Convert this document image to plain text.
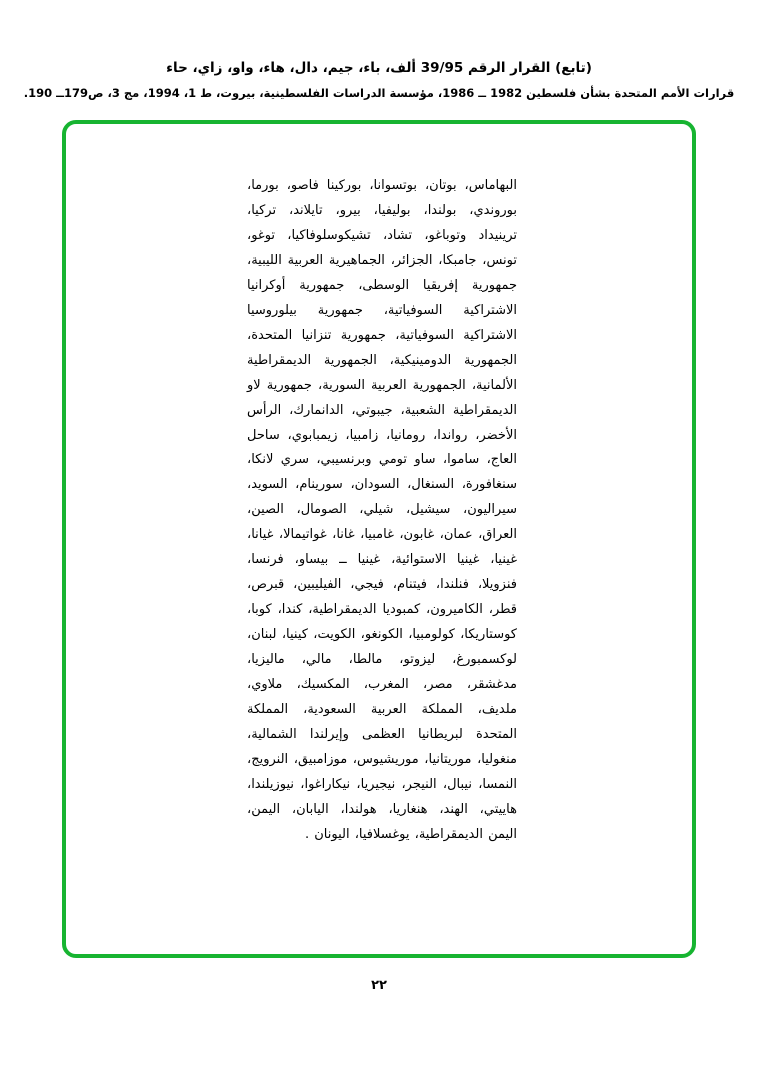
(تابع) القرار الرقم 39/95 ألف، باء، جيم، دال، هاء، واو، زاي، حاء
قرارات الأمم المتحدة بشأن فلسطين 1982 ــ 1986، مؤسسة الدراسات الفلسطينية، بيروت، ط 1، 1994، مج 3، ص179ــ 190.
البهاماس، بوتان، بوتسوانا، بوركينا فاصو، بورما، بوروندي، بولندا، بوليفيا، بيرو، تايلاند، تركيا، ترينيداد وتوباغو، تشاد، تشيكوسلوفاكيا، توغو، تونس، جامبكا، الجزائر، الجماهيرية العربية الليبية، جمهورية إفريقيا الوسطى، جمهورية أوكرانيا الاشتراكية السوفياتية، جمهورية بيلوروسيا الاشتراكية السوفياتية، جمهورية تنزانيا المتحدة، الجمهورية الدومينيكية، الجمهورية الديمقراطية الألمانية، الجمهورية العربية السورية، جمهورية لاو الديمقراطية الشعبية، جيبوتي، الدانمارك، الرأس الأخضر، رواندا، رومانيا، زامبيا، زيمبابوي، ساحل العاج، ساموا، ساو تومي وبرنسيبي، سري لانكا، سنغافورة، السنغال، السودان، سورينام، السويد، سيراليون، سيشيل، شيلي، الصومال، الصين، العراق، عمان، غابون، غامبيا، غانا، غواتيمالا، غيانا، غينيا، غينيا الاستوائية، غينيا ــ بيساو، فرنسا، فنزويلا، فنلندا، فيتنام، فيجي، الفيليبين، قبرص، قطر، الكاميرون، كمبوديا الديمقراطية، كندا، كوبا، كوستاريكا، كولومبيا، الكونغو، الكويت، كينيا، لبنان، لوكسمبورغ، ليزوتو، مالطا، مالي، ماليزيا، مدغشقر، مصر، المغرب، المكسيك، ملاوي، ملديف، المملكة العربية السعودية، المملكة المتحدة لبريطانيا العظمى وإيرلندا الشمالية، منغوليا، موريتانيا، موريشيوس، موزامبيق، النرويج، النمسا، نيبال، النيجر، نيجيريا، نيكاراغوا، نيوزيلندا، هاييتي، الهند، هنغاريا، هولندا، اليابان، اليمن، اليمن الديمقراطية، يوغسلافيا، اليونان .
٢٢
